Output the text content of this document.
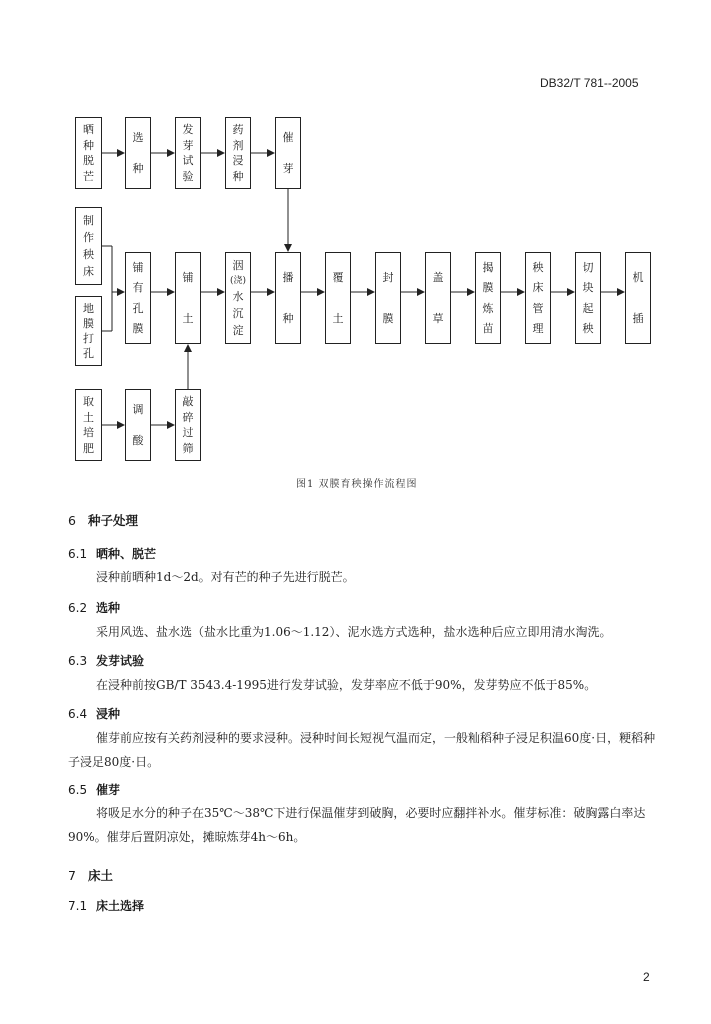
DB32/T 781--2005
晒
种
脱
芒
选
种
发
芽
试
验
药
剂
浸
种
催
芽
制
作
秧
床
地
膜
打
孔
铺
有
孔
膜
铺
土
洇
(浇)
水
沉
淀
播
种
覆
土
封
膜
盖
草
揭
膜
炼
苗
秧
床
管
理
切
块
起
秧
机
插
取
土
培
肥
调
酸
敲
碎
过
筛
图1 双膜育秧操作流程图
6 种子处理
6.1 晒种、脱芒
浸种前晒种1d～2d。对有芒的种子先进行脱芒。
6.2 选种
采用风选、盐水选（盐水比重为1.06～1.12）、泥水选方式选种，盐水选种后应立即用清水淘洗。
6.3 发芽试验
在浸种前按GB/T 3543.4-1995进行发芽试验，发芽率应不低于90%，发芽势应不低于85%。
6.4 浸种
催芽前应按有关药剂浸种的要求浸种。浸种时间长短视气温而定，一般籼稻种子浸足积温60度·日，粳稻种子浸足80度·日。
6.5 催芽
将吸足水分的种子在35℃～38℃下进行保温催芽到破胸，必要时应翻拌补水。催芽标准：破胸露白率达90%。催芽后置阴凉处，摊晾炼芽4h～6h。
7 床土
7.1 床土选择
2
